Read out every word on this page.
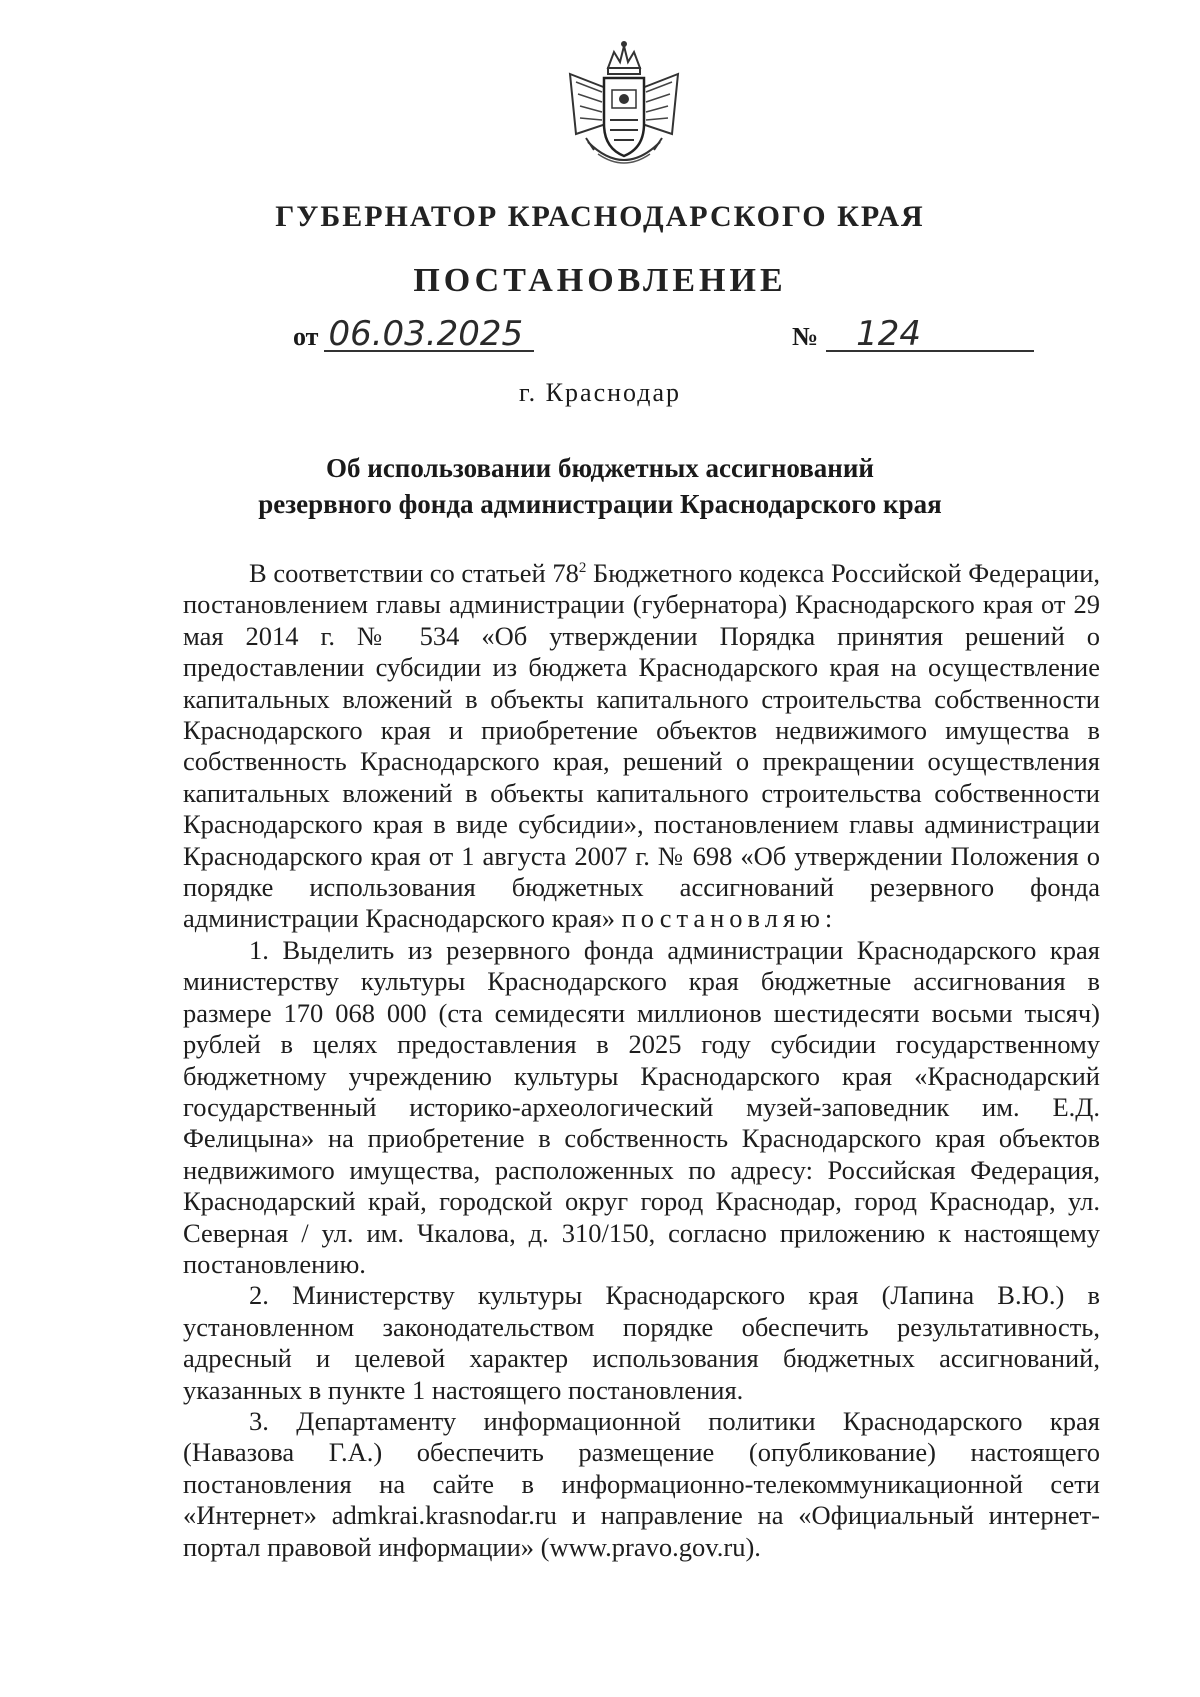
ГУБЕРНАТОР КРАСНОДАРСКОГО КРАЯ
ПОСТАНОВЛЕНИЕ
от 06.03.2025	№	124
г. Краснодар
Об использовании бюджетных ассигнований
резервного фонда администрации Краснодарского края

В соответствии со статьей $78^2$ Бюджетного кодекса Российской Федерации, постановлением главы администрации (губернатора) Краснодарского края от 29 мая 2014 г. № 534 «Об утверждении Порядка принятия решений о предоставлении субсидии из бюджета Краснодарского края на осуществление капитальных вложений в объекты капитального строительства собственности Краснодарского края и приобретение объектов недвижимого имущества в собственность Краснодарского края, решений о прекращении осуществления капитальных вложений в объекты капитального строительства собственности Краснодарского края в виде субсидии», постановлением главы администрации Краснодарского края от 1 августа 2007 г. № 698 «Об утверждении Положения о порядке использования бюджетных ассигнований резервного фонда администрации Краснодарского края» постановляю:

1. Выделить из резервного фонда администрации Краснодарского края министерству культуры Краснодарского края бюджетные ассигнования в размере 170 068 000 (ста семидесяти миллионов шестидесяти восьми тысяч) рублей в целях предоставления в 2025 году субсидии государственному бюджетному учреждению культуры Краснодарского края «Краснодарский государственный историко-археологический музей-заповедник им. Е.Д. Фелицына» на приобретение в собственность Краснодарского края объектов недвижимого имущества, расположенных по адресу: Российская Федерация, Краснодарский край, городской округ город Краснодар, город Краснодар, ул. Северная / ул. им. Чкалова, д. 310/150, согласно приложению к настоящему постановлению.

2. Министерству культуры Краснодарского края (Лапина В.Ю.) в установленном законодательством порядке обеспечить результативность, адресный и целевой характер использования бюджетных ассигнований, указанных в пункте 1 настоящего постановления.

3. Департаменту информационной политики Краснодарского края (Навазова Г.А.) обеспечить размещение (опубликование) настоящего постановления на сайте в информационно-телекоммуникационной сети «Интернет» admkrai.krasnodar.ru и направление на «Официальный интернет-портал правовой информации» (www.pravo.gov.ru).
